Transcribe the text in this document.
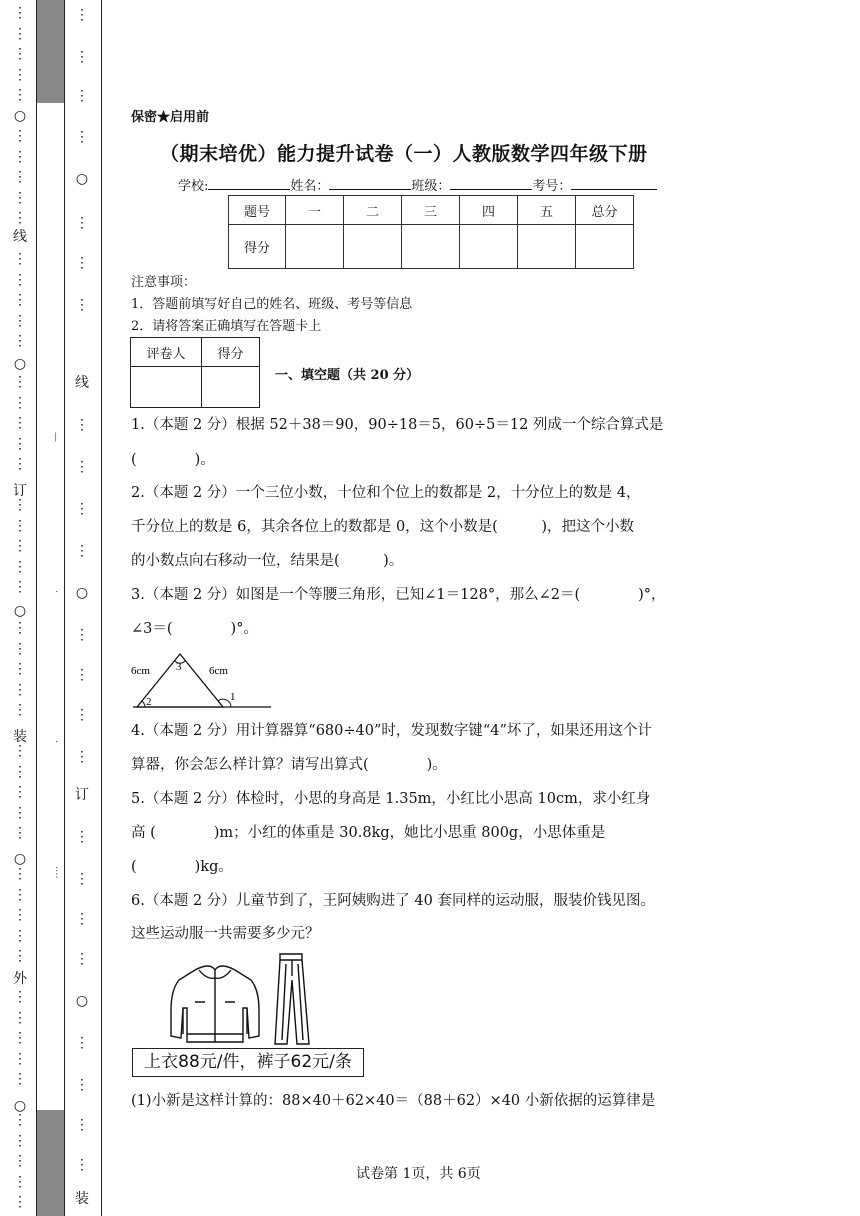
⋮
⋮
⋮
⋮
⋮
⋮
⋮
⋮
⋮
⋮
⋮
⋮
⋮
⋮
⋮
⋮
⋮
⋮
⋮
⋮
⋮
⋮
⋮
⋮
⋮
⋮
⋮
⋮
⋮
⋮
⋮
⋮
⋮
⋮
⋮
⋮
⋮
⋮
⋮
⋮
⋮
⋮
⋮
⋮
⋮
⋮
⋮
⋮
⋮
⋮
○
○
○
○
○
线
订
装
外
⋮
⋮
⋮
⋮
⋮
⋮
⋮
⋮
⋮
⋮
⋮
⋮
⋮
⋮
⋮
⋮
⋮
⋮
⋮
⋮
⋮
⋮
⋮
○
○
○
线
订
装
—
·
·
····
保密★启用前
（期末培优）能力提升试卷（一）人教版数学四年级下册
学校:	姓名：	班级：	考号：
题号	一	二	三	四	五	总分
得分						
注意事项：
1．答题前填写好自己的姓名、班级、考号等信息
2．请将答案正确填写在答题卡上
评卷人	得分

一、填空题（共 20 分）
1.（本题 2 分）根据 52＋38＝90，90÷18＝5，60÷5＝12 列成一个综合算式是
(　　　　)。
2.（本题 2 分）一个三位小数，十位和个位上的数都是 2，十分位上的数是 4，
千分位上的数是 6，其余各位上的数都是 0，这个小数是(　　　)，把这个小数
的小数点向右移动一位，结果是(　　　)。
3.（本题 2 分）如图是一个等腰三角形，已知∠1＝128°，那么∠2＝(　　　　)°，
∠3＝(　　　　)°。
6cm	6cm
3
2	1
4.（本题 2 分）用计算器算“680÷40”时，发现数字键“4”坏了，如果还用这个计
算器，你会怎么样计算？请写出算式(　　　　)。
5.（本题 2 分）体检时，小思的身高是 1.35m，小红比小思高 10cm，求小红身
高 (　　　　)m；小红的体重是 30.8kg，她比小思重 800g，小思体重是
(　　　　)kg。
6.（本题 2 分）儿童节到了，王阿姨购进了 40 套同样的运动服，服装价钱见图。
这些运动服一共需要多少元？
上衣88元/件，裤子62元/条
(1)小新是这样计算的：88×40＋62×40＝（88＋62）×40 小新依据的运算律是
试卷第 1页，共 6页
